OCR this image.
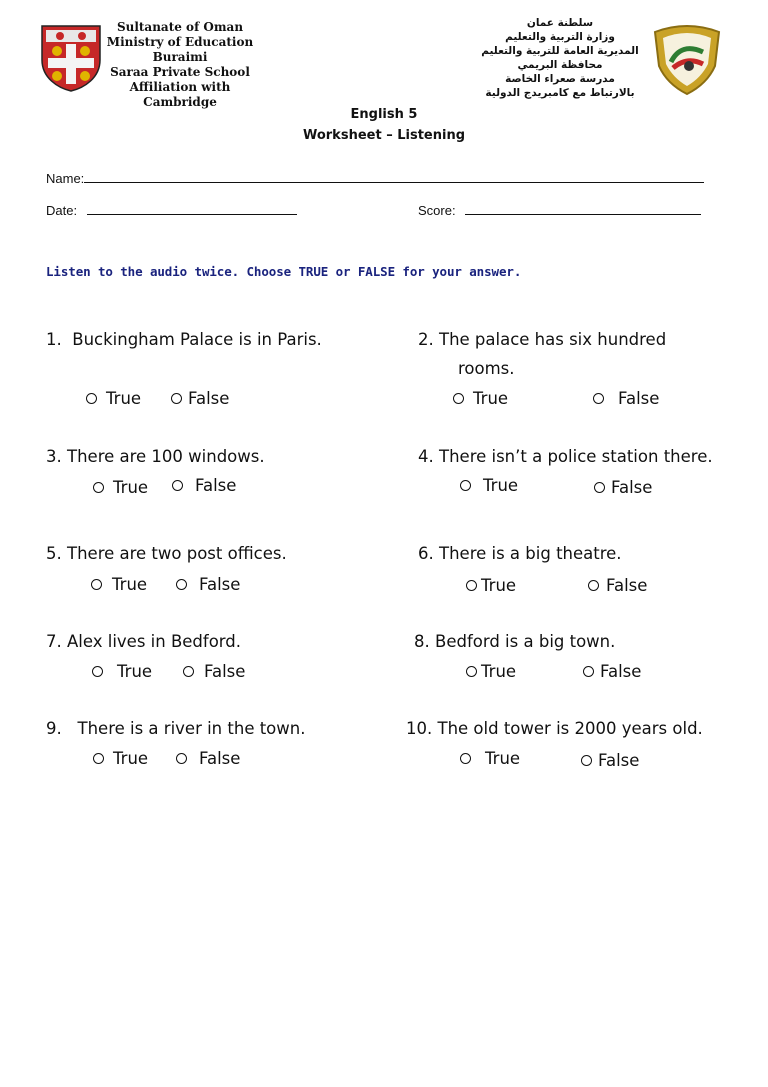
Sultanate of Oman
Ministry of Education
Buraimi
Saraa Private School
Affiliation with Cambridge
سلطنة عمان
وزارة التربية والتعليم
المديرية العامة للتربية والتعليم
محافظة البريمي
مدرسة صعراء الخاصة
بالارتباط مع كامبريدج الدولية
English 5
Worksheet – Listening
Name:
Date:	Score:
Listen to the audio twice. Choose TRUE or FALSE for your answer.
1. Buckingham Palace is in Paris.
True	False
2. The palace has six hundred
rooms.
True	False
3. There are 100 windows.
True	False
4. There isn’t a police station there.
True	False
5. There are two post offices.
True	False
6. There is a big theatre.
True	False
7. Alex lives in Bedford.
True	False
8. Bedford is a big town.
True	False
9. There is a river in the town.
True	False
10. The old tower is 2000 years old.
True	False
